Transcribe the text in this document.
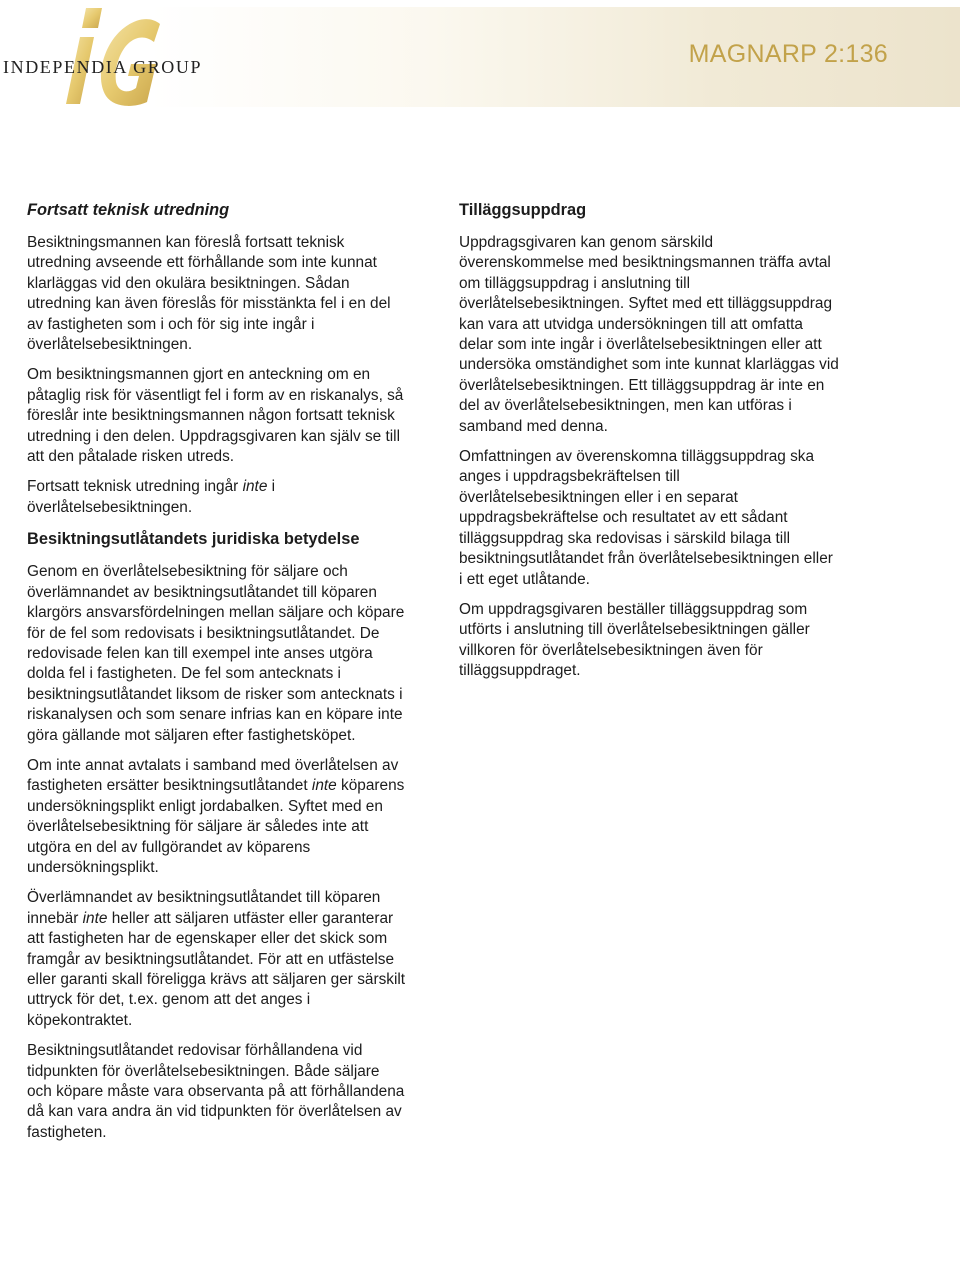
INDEPENDIA GROUP	MAGNARP 2:136

Fortsatt teknisk utredning

Besiktningsmannen kan föreslå fortsatt teknisk utredning avseende ett förhållande som inte kunnat klarläggas vid den okulära besiktningen. Sådan utredning kan även föreslås för misstänkta fel i en del av fastigheten som i och för sig inte ingår i överlåtelsebesiktningen.

Om besiktningsmannen gjort en anteckning om en påtaglig risk för väsentligt fel i form av en riskanalys, så föreslår inte besiktningsmannen någon fortsatt teknisk utredning i den delen. Uppdragsgivaren kan själv se till att den påtalade risken utreds.

Fortsatt teknisk utredning ingår inte i överlåtelsebesiktningen.

Besiktningsutlåtandets juridiska betydelse

Genom en överlåtelsebesiktning för säljare och överlämnandet av besiktningsutlåtandet till köparen klargörs ansvarsfördelningen mellan säljare och köpare för de fel som redovisats i besiktningsutlåtandet. De redovisade felen kan till exempel inte anses utgöra dolda fel i fastigheten. De fel som antecknats i besiktningsutlåtandet liksom de risker som antecknats i riskanalysen och som senare infrias kan en köpare inte göra gällande mot säljaren efter fastighetsköpet.

Om inte annat avtalats i samband med överlåtelsen av fastigheten ersätter besiktningsutlåtandet inte köparens undersökningsplikt enligt jordabalken. Syftet med en överlåtelsebesiktning för säljare är således inte att utgöra en del av fullgörandet av köparens undersökningsplikt.

Överlämnandet av besiktningsutlåtandet till köparen innebär inte heller att säljaren utfäster eller garanterar att fastigheten har de egenskaper eller det skick som framgår av besiktningsutlåtandet. För att en utfästelse eller garanti skall föreligga krävs att säljaren ger särskilt uttryck för det, t.ex. genom att det anges i köpekontraktet.

Besiktningsutlåtandet redovisar förhållandena vid tidpunkten för överlåtelsebesiktningen. Både säljare och köpare måste vara observanta på att förhållandena då kan vara andra än vid tidpunkten för överlåtelsen av fastigheten.

Tilläggsuppdrag

Uppdragsgivaren kan genom särskild överenskommelse med besiktningsmannen träffa avtal om tilläggsuppdrag i anslutning till överlåtelsebesiktningen. Syftet med ett tilläggsuppdrag kan vara att utvidga undersökningen till att omfatta delar som inte ingår i överlåtelsebesiktningen eller att undersöka omständighet som inte kunnat klarläggas vid överlåtelsebesiktningen. Ett tilläggsuppdrag är inte en del av överlåtelsebesiktningen, men kan utföras i samband med denna.

Omfattningen av överenskomna tilläggsuppdrag ska anges i uppdragsbekräftelsen till överlåtelsebesiktningen eller i en separat uppdragsbekräftelse och resultatet av ett sådant tilläggsuppdrag ska redovisas i särskild bilaga till besiktningsutlåtandet från överlåtelsebesiktningen eller i ett eget utlåtande.

Om uppdragsgivaren beställer tilläggsuppdrag som utförts i anslutning till överlåtelsebesiktningen gäller villkoren för överlåtelsebesiktningen även för tilläggsuppdraget.
